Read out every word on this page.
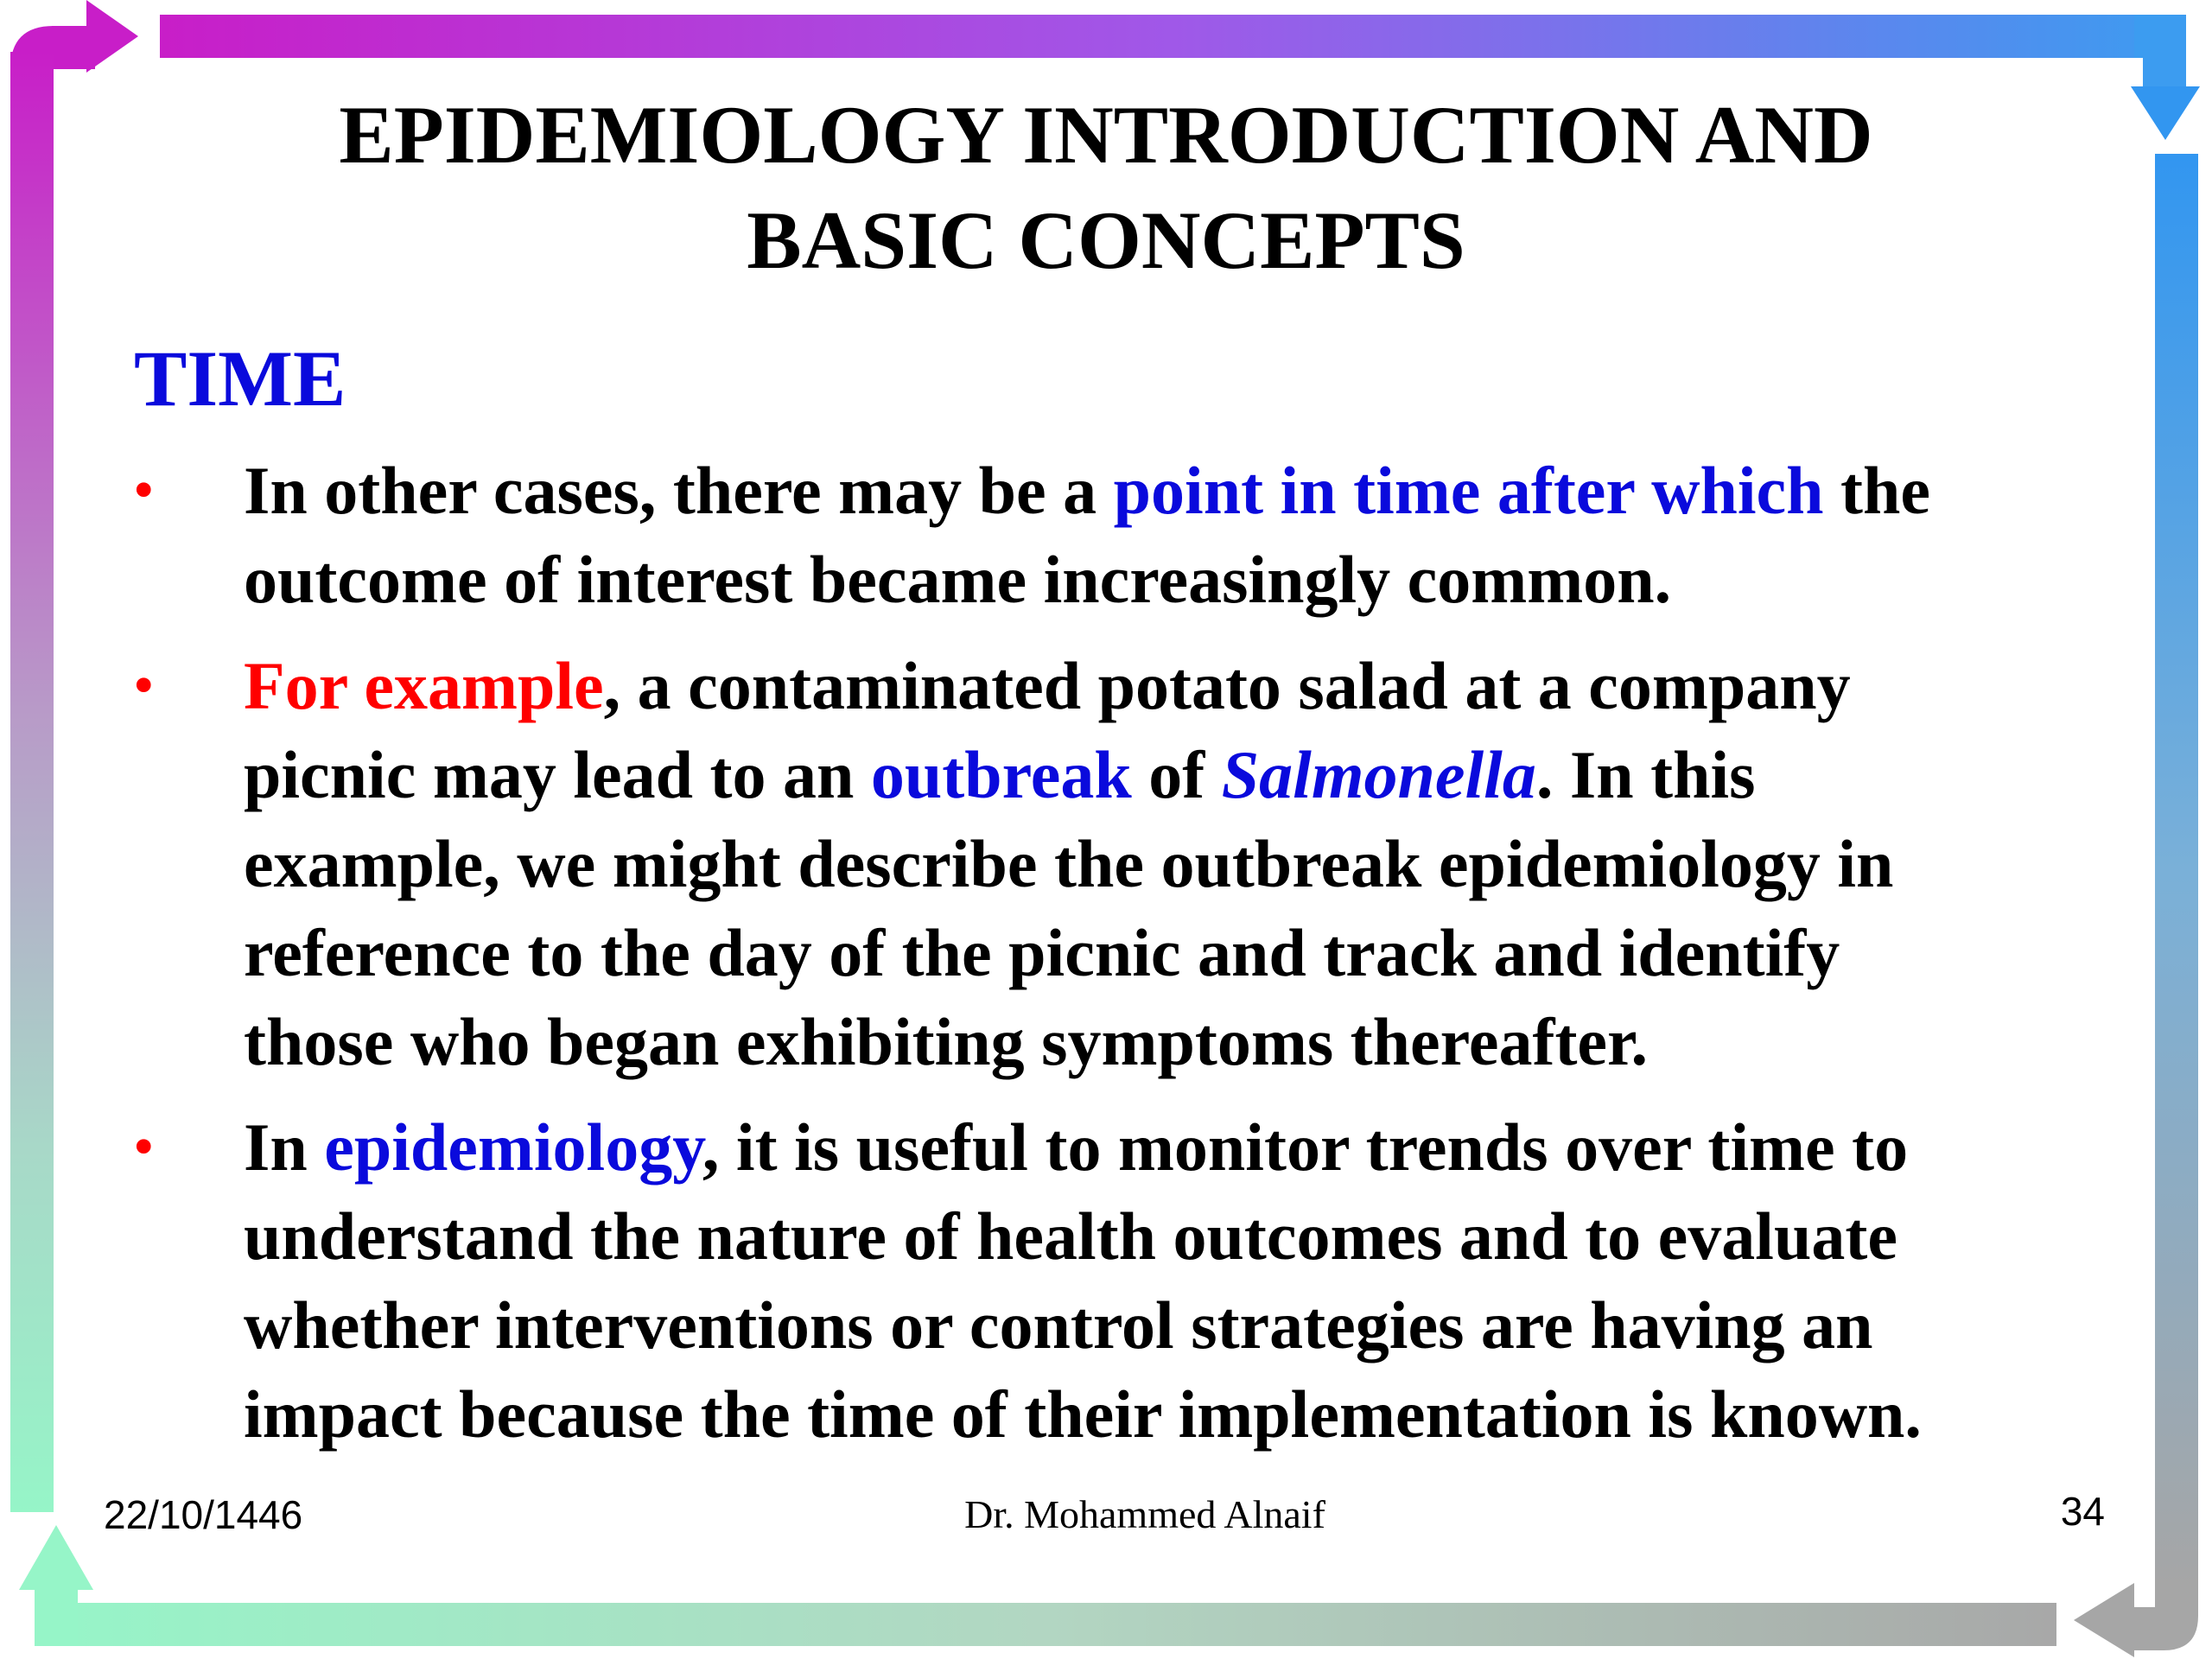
EPIDEMIOLOGY INTRODUCTION AND
BASIC CONCEPTS
TIME
• In other cases, there may be a point in time after which the
outcome of interest became increasingly common.
• For example, a contaminated potato salad at a company
picnic may lead to an outbreak of Salmonella. In this
example, we might describe the outbreak epidemiology in
reference to the day of the picnic and track and identify
those who began exhibiting symptoms thereafter.
• In epidemiology, it is useful to monitor trends over time to
understand the nature of health outcomes and to evaluate
whether interventions or control strategies are having an
impact because the time of their implementation is known.
22/10/1446	Dr. Mohammed Alnaif	34
